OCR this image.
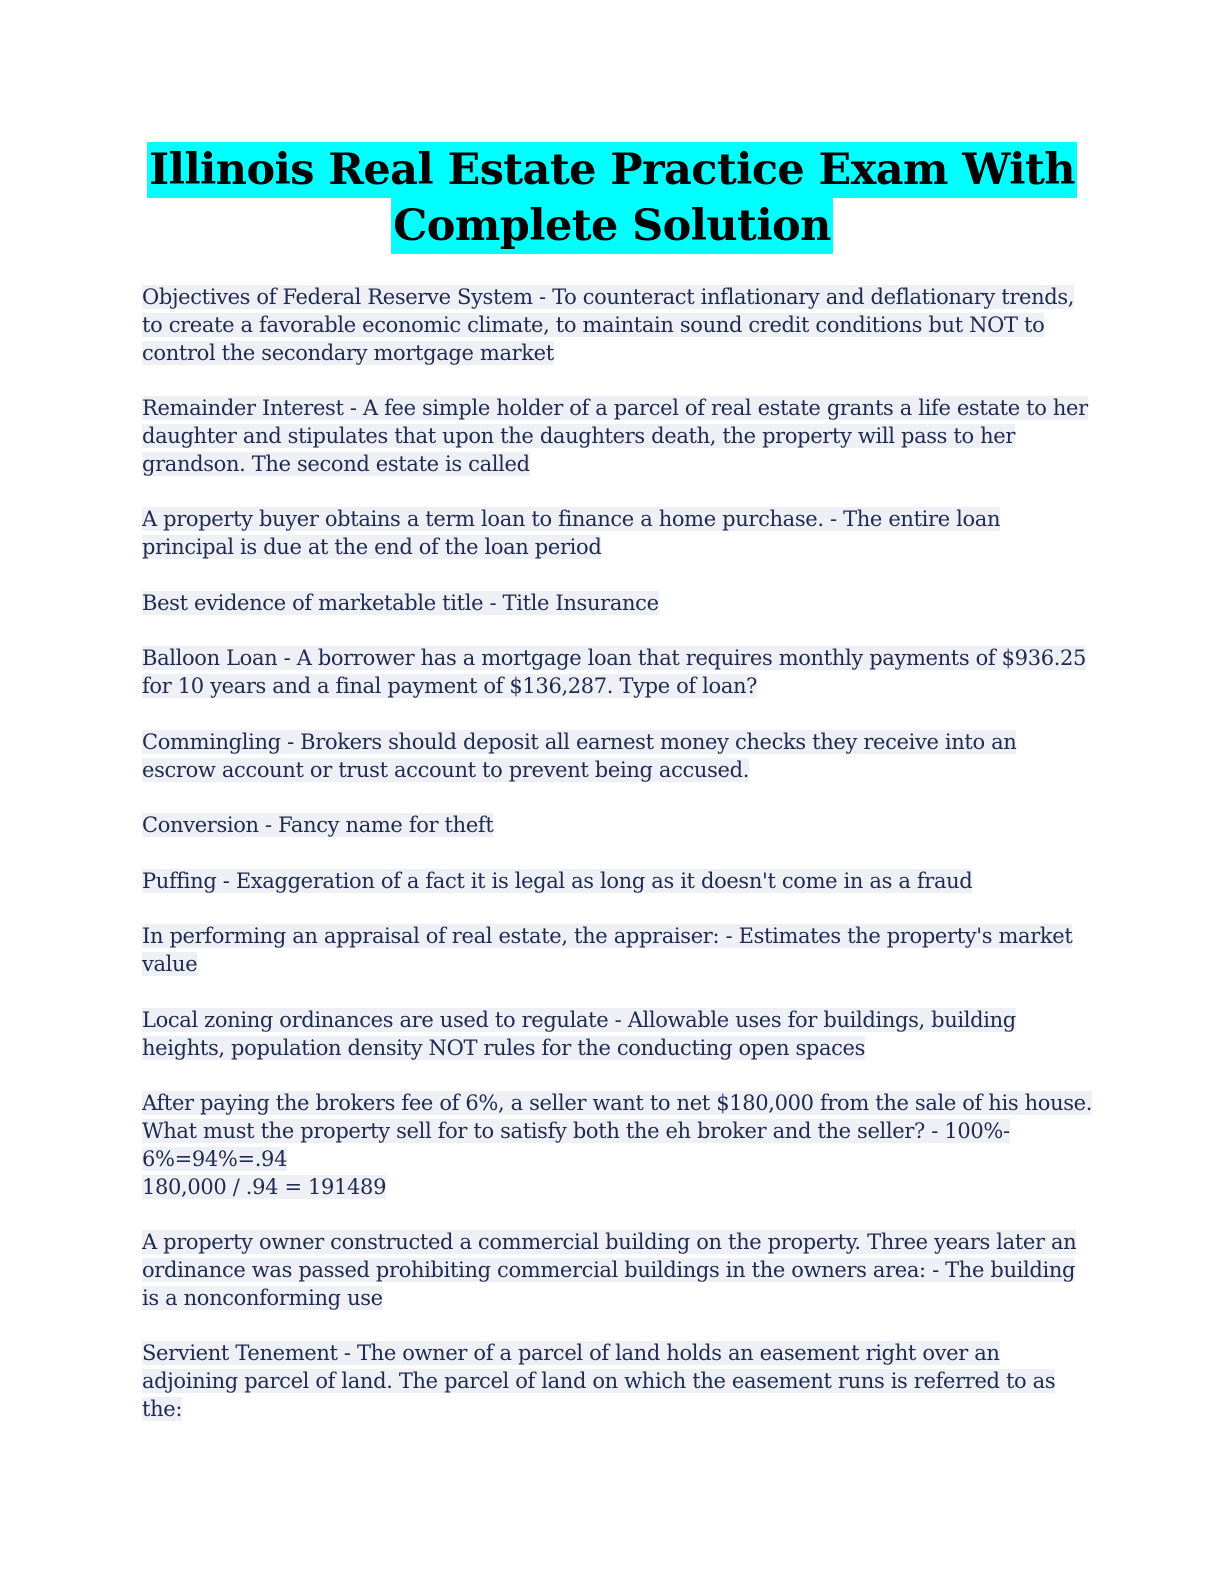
Illinois Real Estate Practice Exam With
Complete Solution
Objectives of Federal Reserve System - To counteract inflationary and deflationary trends,
to create a favorable economic climate, to maintain sound credit conditions but NOT to
control the secondary mortgage market
Remainder Interest - A fee simple holder of a parcel of real estate grants a life estate to her
daughter and stipulates that upon the daughters death, the property will pass to her
grandson. The second estate is called
A property buyer obtains a term loan to finance a home purchase. - The entire loan
principal is due at the end of the loan period
Best evidence of marketable title - Title Insurance
Balloon Loan - A borrower has a mortgage loan that requires monthly payments of $936.25
for 10 years and a final payment of $136,287. Type of loan?
Commingling - Brokers should deposit all earnest money checks they receive into an
escrow account or trust account to prevent being accused.
Conversion - Fancy name for theft
Puffing - Exaggeration of a fact it is legal as long as it doesn't come in as a fraud
In performing an appraisal of real estate, the appraiser: - Estimates the property's market
value
Local zoning ordinances are used to regulate - Allowable uses for buildings, building
heights, population density NOT rules for the conducting open spaces
After paying the brokers fee of 6%, a seller want to net $180,000 from the sale of his house.
What must the property sell for to satisfy both the eh broker and the seller? - 100%-
6%=94%=.94
180,000 / .94 = 191489
A property owner constructed a commercial building on the property. Three years later an
ordinance was passed prohibiting commercial buildings in the owners area: - The building
is a nonconforming use
Servient Tenement - The owner of a parcel of land holds an easement right over an
adjoining parcel of land. The parcel of land on which the easement runs is referred to as
the:
